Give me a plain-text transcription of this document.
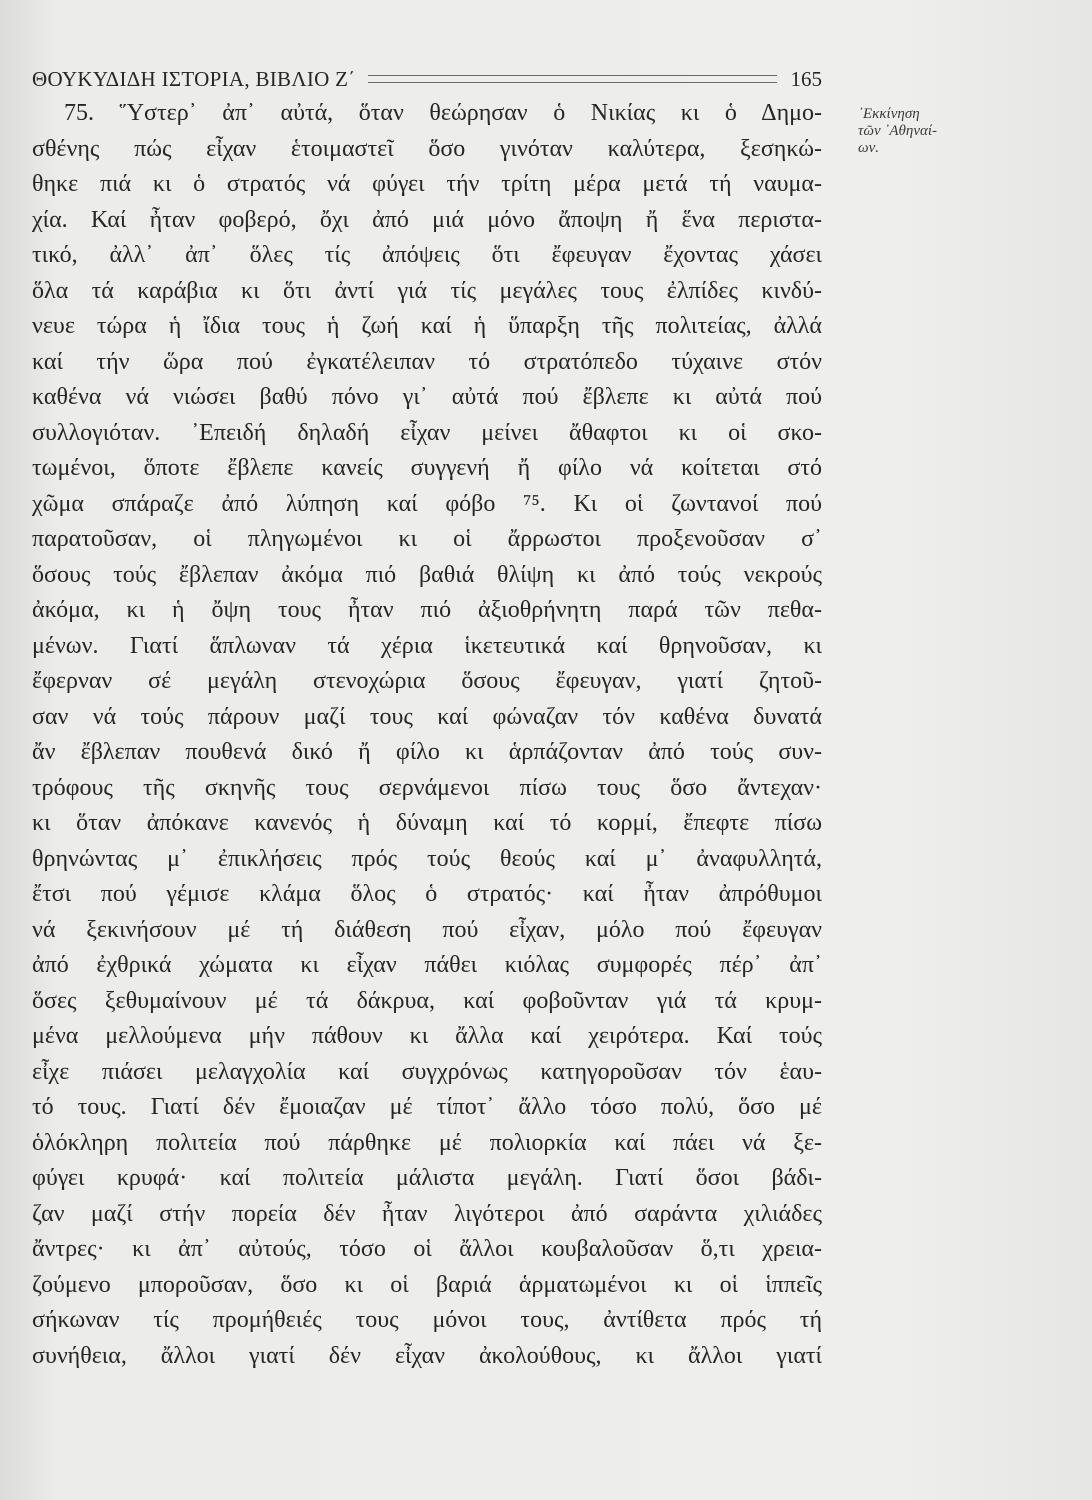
ΘΟΥΚΥΔΙΔΗ ΙΣΤΟΡΙΑ, ΒΙΒΛΙΟ Ζ΄	165
᾿Εκκίνηση
τῶν ᾿Αθηναί-
ων.
75. Ὕστερ᾿ ἀπ᾿ αὐτά, ὅταν θεώρησαν ὁ Νικίας κι ὁ Δημο-
σθένης πώς εἶχαν ἑτοιμαστεῖ ὅσο γινόταν καλύτερα, ξεσηκώ-
θηκε πιά κι ὁ στρατός νά φύγει τήν τρίτη μέρα μετά τή ναυμα-
χία. Καί ἦταν φοβερό, ὄχι ἀπό μιά μόνο ἄποψη ἤ ἕνα περιστα-
τικό, ἀλλ᾿ ἀπ᾿ ὅλες τίς ἀπόψεις ὅτι ἔφευγαν ἔχοντας χάσει
ὅλα τά καράβια κι ὅτι ἀντί γιά τίς μεγάλες τους ἐλπίδες κινδύ-
νευε τώρα ἡ ἴδια τους ἡ ζωή καί ἡ ὕπαρξη τῆς πολιτείας, ἀλλά
καί τήν ὥρα πού ἐγκατέλειπαν τό στρατόπεδο τύχαινε στόν
καθένα νά νιώσει βαθύ πόνο γι᾿ αὐτά πού ἔβλεπε κι αὐτά πού
συλλογιόταν. ᾿Επειδή δηλαδή εἶχαν μείνει ἄθαφτοι κι οἱ σκο-
τωμένοι, ὅποτε ἔβλεπε κανείς συγγενή ἤ φίλο νά κοίτεται στό
χῶμα σπάραζε ἀπό λύπηση καί φόβο ⁷⁵. Κι οἱ ζωντανοί πού
παρατοῦσαν, οἱ πληγωμένοι κι οἱ ἄρρωστοι προξενοῦσαν σ᾿
ὅσους τούς ἔβλεπαν ἀκόμα πιό βαθιά θλίψη κι ἀπό τούς νεκρούς
ἀκόμα, κι ἡ ὄψη τους ἦταν πιό ἀξιοθρήνητη παρά τῶν πεθα-
μένων. Γιατί ἅπλωναν τά χέρια ἱκετευτικά καί θρηνοῦσαν, κι
ἔφερναν σέ μεγάλη στενοχώρια ὅσους ἔφευγαν, γιατί ζητοῦ-
σαν νά τούς πάρουν μαζί τους καί φώναζαν τόν καθένα δυνατά
ἄν ἔβλεπαν πουθενά δικό ἤ φίλο κι ἁρπάζονταν ἀπό τούς συν-
τρόφους τῆς σκηνῆς τους σερνάμενοι πίσω τους ὅσο ἄντεχαν·
κι ὅταν ἀπόκανε κανενός ἡ δύναμη καί τό κορμί, ἔπεφτε πίσω
θρηνώντας μ᾿ ἐπικλήσεις πρός τούς θεούς καί μ᾿ ἀναφυλλητά,
ἔτσι πού γέμισε κλάμα ὅλος ὁ στρατός· καί ἦταν ἀπρόθυμοι
νά ξεκινήσουν μέ τή διάθεση πού εἶχαν, μόλο πού ἔφευγαν
ἀπό ἐχθρικά χώματα κι εἶχαν πάθει κιόλας συμφορές πέρ᾿ ἀπ᾿
ὅσες ξεθυμαίνουν μέ τά δάκρυα, καί φοβοῦνταν γιά τά κρυμ-
μένα μελλούμενα μήν πάθουν κι ἄλλα καί χειρότερα. Καί τούς
εἶχε πιάσει μελαγχολία καί συγχρόνως κατηγοροῦσαν τόν ἑαυ-
τό τους. Γιατί δέν ἔμοιαζαν μέ τίποτ᾿ ἄλλο τόσο πολύ, ὅσο μέ
ὁλόκληρη πολιτεία πού πάρθηκε μέ πολιορκία καί πάει νά ξε-
φύγει κρυφά· καί πολιτεία μάλιστα μεγάλη. Γιατί ὅσοι βάδι-
ζαν μαζί στήν πορεία δέν ἦταν λιγότεροι ἀπό σαράντα χιλιάδες
ἄντρες· κι ἀπ᾿ αὐτούς, τόσο οἱ ἄλλοι κουβαλοῦσαν ὅ,τι χρεια-
ζούμενο μποροῦσαν, ὅσο κι οἱ βαριά ἁρματωμένοι κι οἱ ἱππεῖς
σήκωναν τίς προμήθειές τους μόνοι τους, ἀντίθετα πρός τή
συνήθεια, ἄλλοι γιατί δέν εἶχαν ἀκολούθους, κι ἄλλοι γιατί
